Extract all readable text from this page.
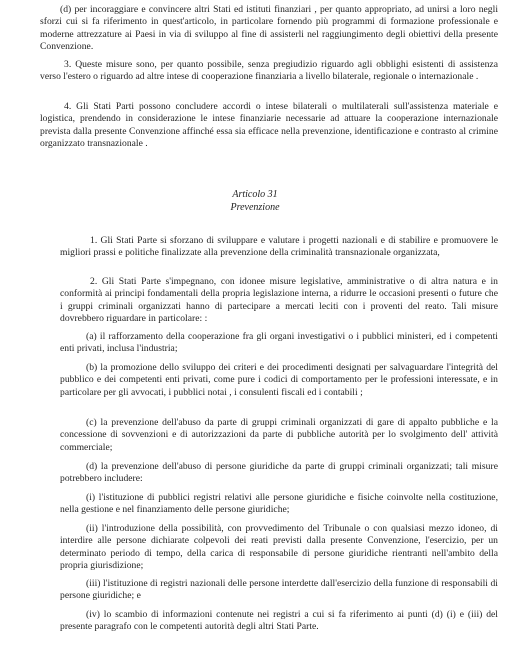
(d) per incoraggiare e convincere altri Stati ed istituti finanziari , per quanto appropriato, ad unirsi a loro negli sforzi cui si fa riferimento in quest'articolo, in particolare fornendo più programmi di formazione professionale e moderne attrezzature ai Paesi in via di sviluppo al fine di assisterli nel raggiungimento degli obiettivi della presente Convenzione.

3. Queste misure sono, per quanto possibile, senza pregiudizio riguardo agli obblighi esistenti di assistenza verso l'estero o riguardo ad altre intese di cooperazione finanziaria a livello bilaterale, regionale o internazionale .

4. Gli Stati Parti possono concludere accordi o intese bilaterali o multilaterali sull'assistenza materiale e logistica, prendendo in considerazione le intese finanziarie necessarie ad attuare la cooperazione internazionale prevista dalla presente Convenzione affinché essa sia efficace nella prevenzione, identificazione e contrasto al crimine organizzato transnazionale .

Articolo 31

Prevenzione

1. Gli Stati Parte si sforzano di sviluppare e valutare i progetti nazionali e di stabilire e promuovere le migliori prassi e politiche finalizzate alla prevenzione della criminalità transnazionale organizzata,

2. Gli Stati Parte s'impegnano, con idonee misure legislative, amministrative o di altra natura e in conformità ai principi fondamentali della propria legislazione interna, a ridurre le occasioni presenti o future che i gruppi criminali organizzati hanno di partecipare a mercati leciti con i proventi del reato. Tali misure dovrebbero riguardare in particolare: :

(a) il rafforzamento della cooperazione fra gli organi investigativi o i pubblici ministeri, ed i competenti enti privati, inclusa l'industria;

(b) la promozione dello sviluppo dei criteri e dei procedimenti designati per salvaguardare l'integrità del pubblico e dei competenti enti privati, come pure i codici di comportamento per le professioni interessate, e in particolare per gli avvocati, i pubblici notai , i consulenti fiscali ed i contabili ;

(c) la prevenzione dell'abuso da parte di gruppi criminali organizzati di gare di appalto pubbliche e la concessione di sovvenzioni e di autorizzazioni da parte di pubbliche autorità per lo svolgimento dell' attività commerciale;

(d) la prevenzione dell'abuso di persone giuridiche da parte di gruppi criminali organizzati; tali misure potrebbero includere:

(i) l'istituzione di pubblici registri relativi alle persone giuridiche e fisiche coinvolte nella costituzione, nella gestione e nel finanziamento delle persone giuridiche;

(ii) l'introduzione della possibilità, con provvedimento del Tribunale o con qualsiasi mezzo idoneo, di interdire alle persone dichiarate colpevoli dei reati previsti dalla presente Convenzione, l'esercizio, per un determinato periodo di tempo, della carica di responsabile di persone giuridiche rientranti nell'ambito della propria giurisdizione;

(iii) l'istituzione di registri nazionali delle persone interdette dall'esercizio della funzione di responsabili di persone giuridiche; e

(iv) lo scambio di informazioni contenute nei registri a cui si fa riferimento ai punti (d) (i) e (iii) del presente paragrafo con le competenti autorità degli altri Stati Parte.
